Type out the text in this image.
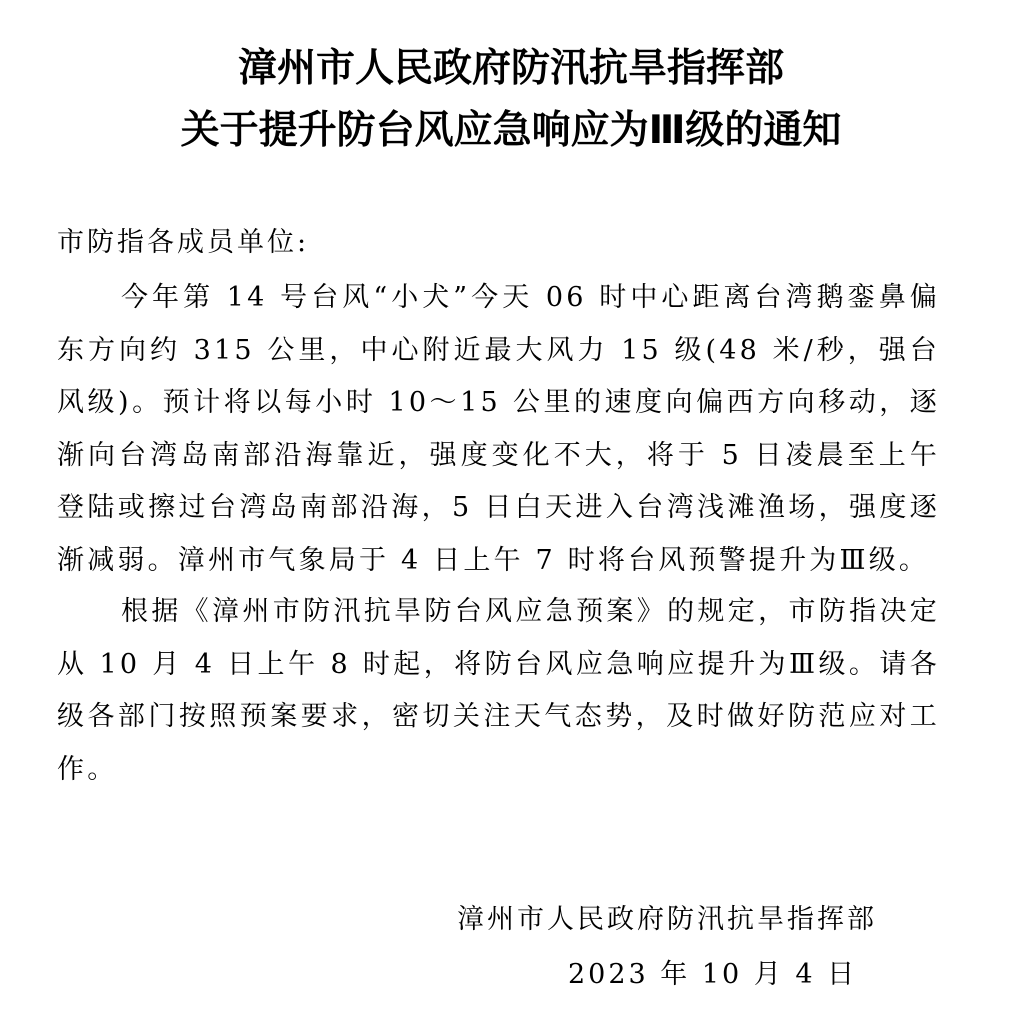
漳州市人民政府防汛抗旱指挥部
关于提升防台风应急响应为Ⅲ级的通知
市防指各成员单位:

今年第 14 号台风“小犬”今天 06 时中心距离台湾鹅銮鼻偏东方向约 315 公里，中心附近最大风力 15 级(48 米/秒，强台风级)。预计将以每小时 10～15 公里的速度向偏西方向移动，逐渐向台湾岛南部沿海靠近，强度变化不大，将于 5 日凌晨至上午登陆或擦过台湾岛南部沿海，5 日白天进入台湾浅滩渔场，强度逐渐减弱。漳州市气象局于 4 日上午 7 时将台风预警提升为Ⅲ级。

根据《漳州市防汛抗旱防台风应急预案》的规定，市防指决定从 10 月 4 日上午 8 时起，将防台风应急响应提升为Ⅲ级。请各级各部门按照预案要求，密切关注天气态势，及时做好防范应对工作。

漳州市人民政府防汛抗旱指挥部
2023 年 10 月 4 日
